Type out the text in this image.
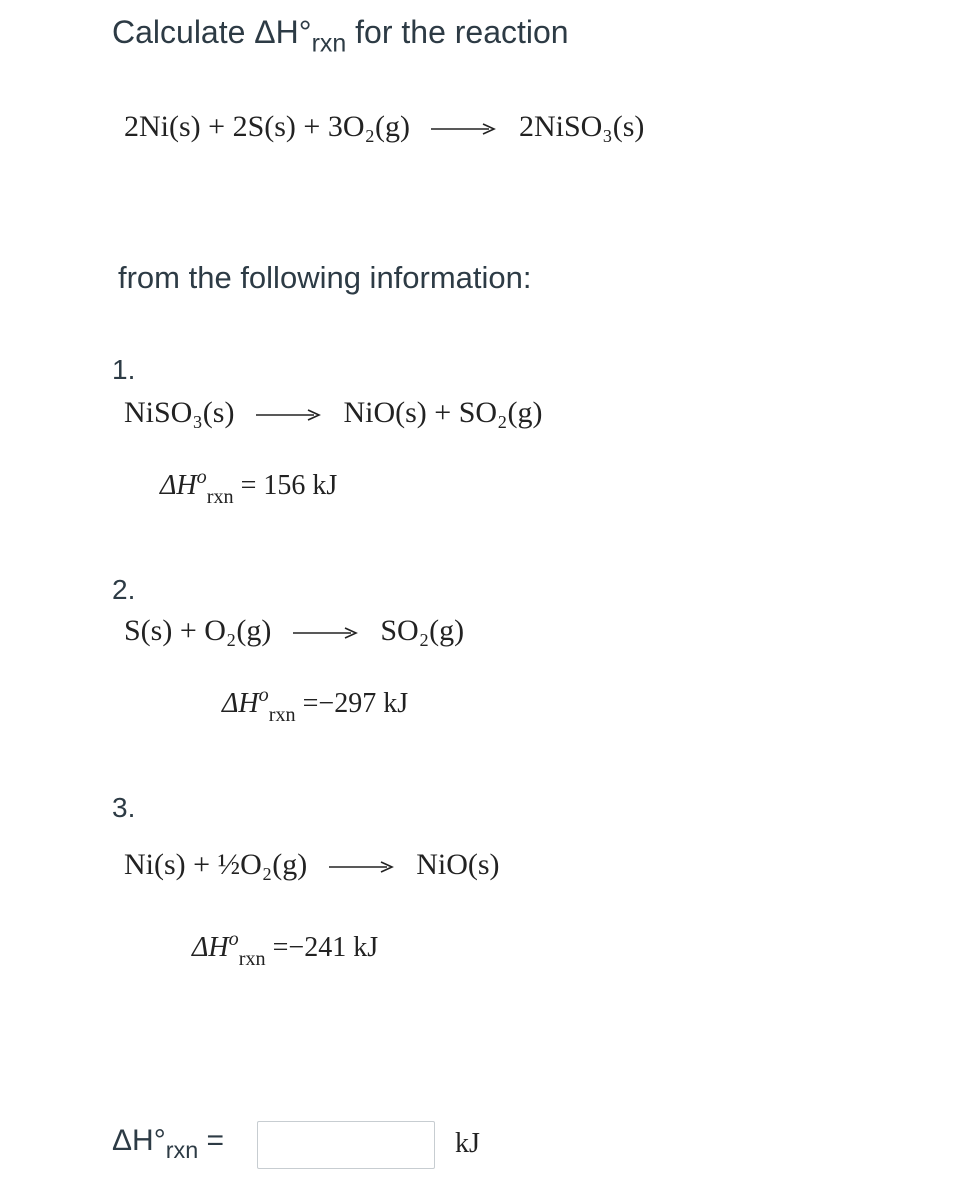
Calculate $\Delta H^\circ_{rxn}$ for the reaction
2Ni(s) + 2S(s) + 3O₂(g)	2NiSO₃(s)
from the following information:
1.
NiSO₃(s)	NiO(s) + SO₂(g)
$\Delta H^o_{rxn} = 156$ kJ
2.
S(s) + O₂(g)	SO₂(g)
$\Delta H^o_{rxn} =-297$ kJ
3.
Ni(s) + ½O₂(g)	NiO(s)
$\Delta H^o_{rxn} =-241$ kJ
$\Delta H^\circ_{rxn}$ =	kJ
